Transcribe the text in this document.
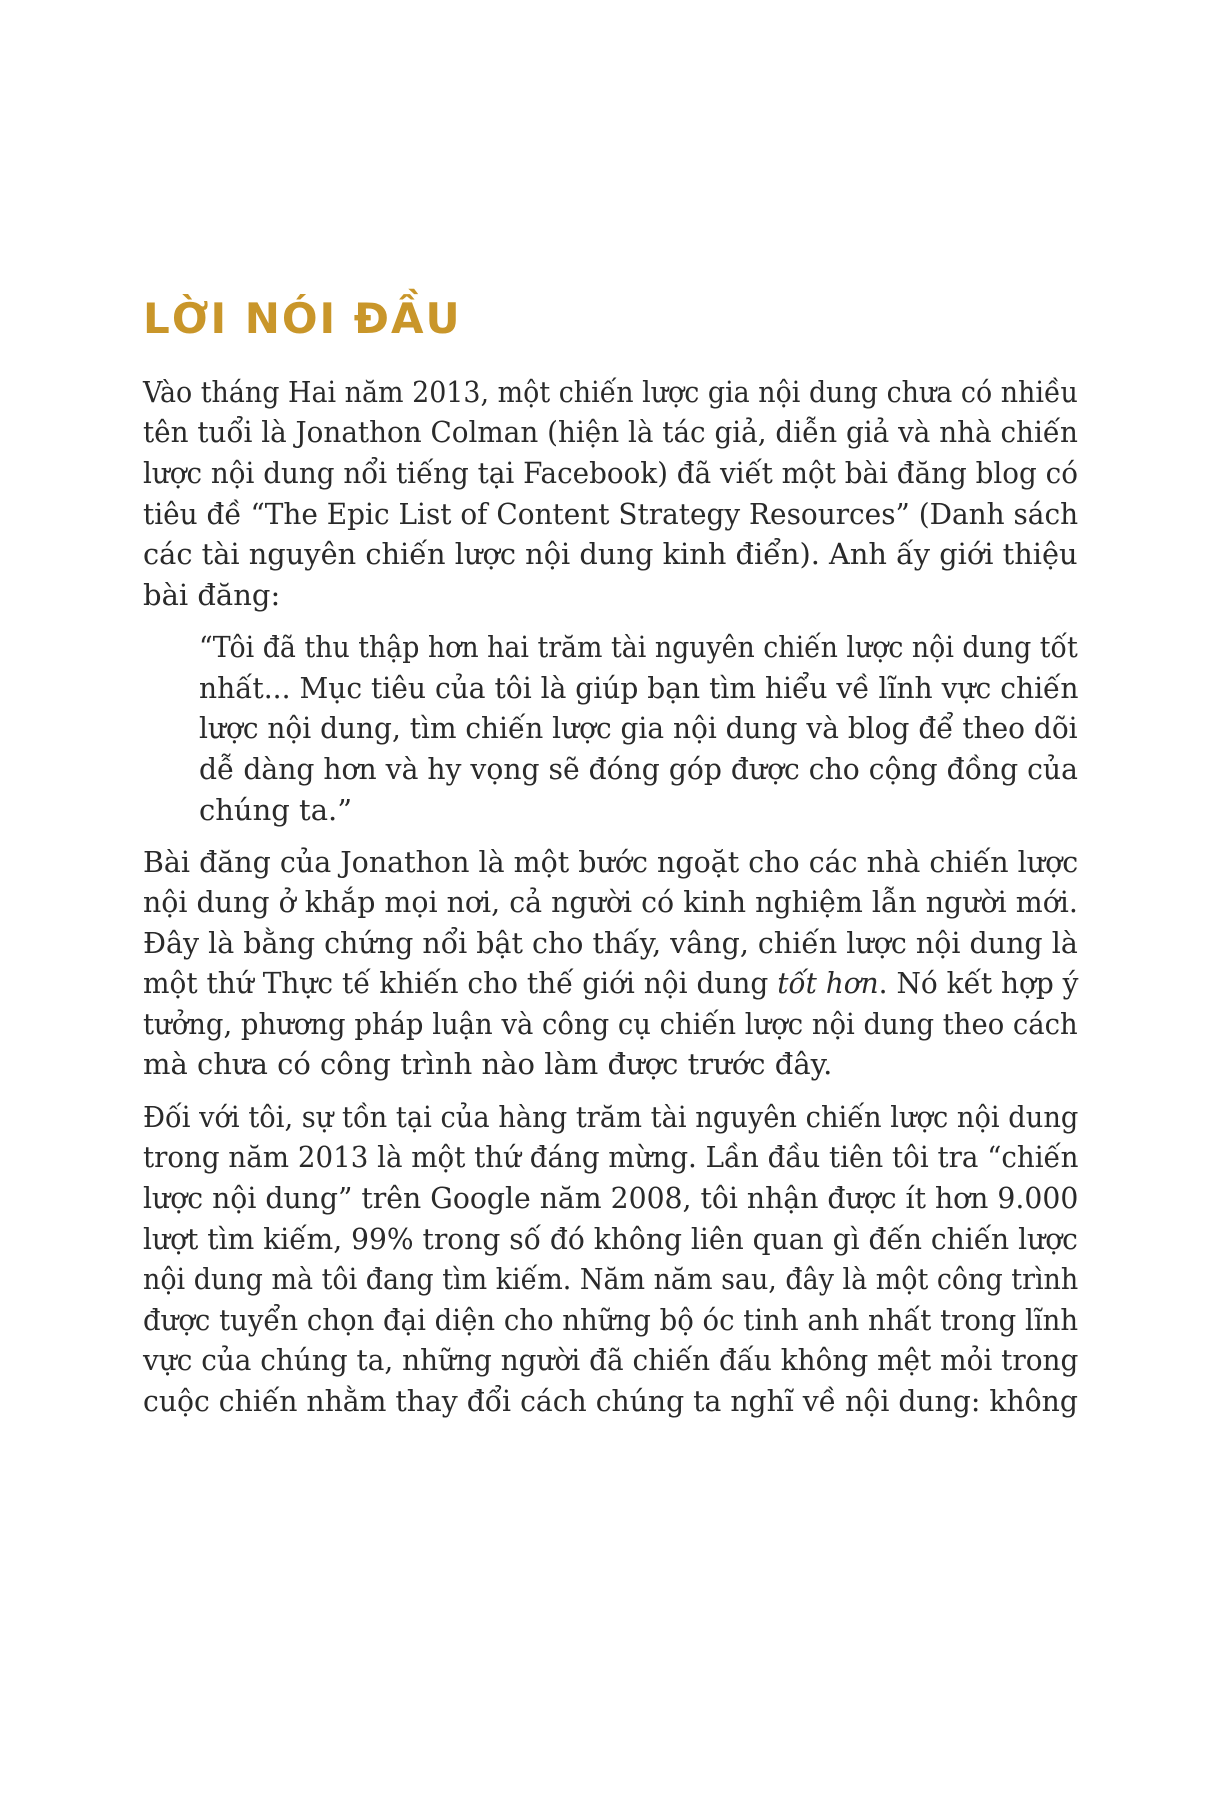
LỜI NÓI ĐẦU
Vào tháng Hai năm 2013, một chiến lược gia nội dung chưa có nhiều
tên tuổi là Jonathon Colman (hiện là tác giả, diễn giả và nhà chiến
lược nội dung nổi tiếng tại Facebook) đã viết một bài đăng blog có
tiêu đề “The Epic List of Content Strategy Resources” (Danh sách
các tài nguyên chiến lược nội dung kinh điển). Anh ấy giới thiệu
bài đăng:
“Tôi đã thu thập hơn hai trăm tài nguyên chiến lược nội dung tốt
nhất... Mục tiêu của tôi là giúp bạn tìm hiểu về lĩnh vực chiến
lược nội dung, tìm chiến lược gia nội dung và blog để theo dõi
dễ dàng hơn và hy vọng sẽ đóng góp được cho cộng đồng của
chúng ta.”
Bài đăng của Jonathon là một bước ngoặt cho các nhà chiến lược
nội dung ở khắp mọi nơi, cả người có kinh nghiệm lẫn người mới.
Đây là bằng chứng nổi bật cho thấy, vâng, chiến lược nội dung là
một thứ Thực tế khiến cho thế giới nội dung tốt hơn. Nó kết hợp ý
tưởng, phương pháp luận và công cụ chiến lược nội dung theo cách
mà chưa có công trình nào làm được trước đây.
Đối với tôi, sự tồn tại của hàng trăm tài nguyên chiến lược nội dung
trong năm 2013 là một thứ đáng mừng. Lần đầu tiên tôi tra “chiến
lược nội dung” trên Google năm 2008, tôi nhận được ít hơn 9.000
lượt tìm kiếm, 99% trong số đó không liên quan gì đến chiến lược
nội dung mà tôi đang tìm kiếm. Năm năm sau, đây là một công trình
được tuyển chọn đại diện cho những bộ óc tinh anh nhất trong lĩnh
vực của chúng ta, những người đã chiến đấu không mệt mỏi trong
cuộc chiến nhằm thay đổi cách chúng ta nghĩ về nội dung: không
